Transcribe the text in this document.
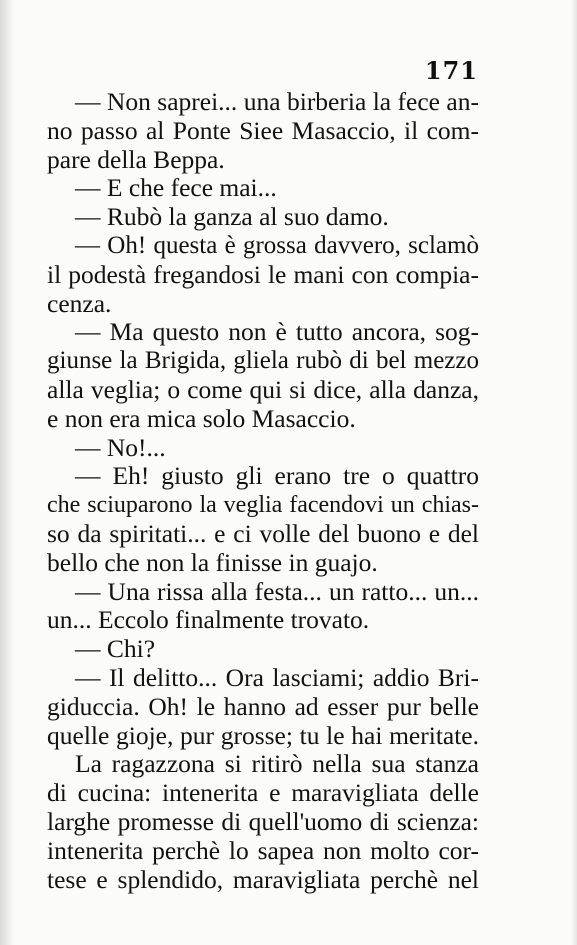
171
— Non saprei... una birberia la fece an-
no passo al Ponte Siee Masaccio, il com-
pare della Beppa.
— E che fece mai...
— Rubò la ganza al suo damo.
— Oh! questa è grossa davvero, sclamò
il podestà fregandosi le mani con compia-
cenza.
— Ma questo non è tutto ancora, sog-
giunse la Brigida, gliela rubò di bel mezzo
alla veglia; o come qui si dice, alla danza,
e non era mica solo Masaccio.
— No!...
— Eh! giusto gli erano tre o quattro
che sciuparono la veglia facendovi un chias-
so da spiritati... e ci volle del buono e del
bello che non la finisse in guajo.
— Una rissa alla festa... un ratto... un...
un... Eccolo finalmente trovato.
— Chi?
— Il delitto... Ora lasciami; addio Bri-
giduccia. Oh! le hanno ad esser pur belle
quelle gioje, pur grosse; tu le hai meritate.
La ragazzona si ritirò nella sua stanza
di cucina: intenerita e maravigliata delle
larghe promesse di quell'uomo di scienza:
intenerita perchè lo sapea non molto cor-
tese e splendido, maravigliata perchè nel
